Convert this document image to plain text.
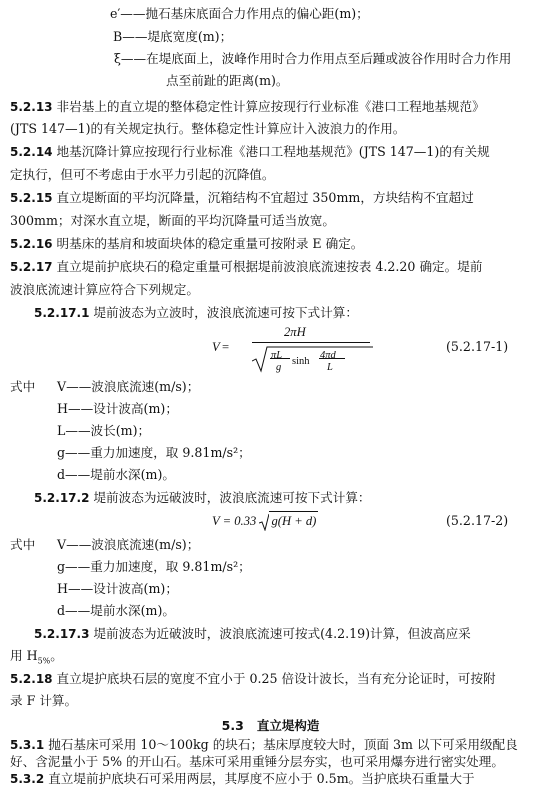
e′——抛石基床底面合力作用点的偏心距(m)；
B——堤底宽度(m)；
ξ——在堤底面上，波峰作用时合力作用点至后踵或波谷作用时合力作用
点至前趾的距离(m)。
5.2.13 非岩基上的直立堤的整体稳定性计算应按现行行业标准《港口工程地基规范》
(JTS 147—1)的有关规定执行。整体稳定性计算应计入波浪力的作用。
5.2.14 地基沉降计算应按现行行业标准《港口工程地基规范》(JTS 147—1)的有关规
定执行，但可不考虑由于水平力引起的沉降值。
5.2.15 直立堤断面的平均沉降量，沉箱结构不宜超过 350mm，方块结构不宜超过
300mm；对深水直立堤，断面的平均沉降量可适当放宽。
5.2.16 明基床的基肩和坡面块体的稳定重量可按附录 E 确定。
5.2.17 直立堤前护底块石的稳定重量可根据堤前波浪底流速按表 4.2.20 确定。堤前
波浪底流速计算应符合下列规定。
5.2.17.1 堤前波态为立波时，波浪底流速可按下式计算：
V =
2πH
πL
g
sinh
4πd
L
(5.2.17-1)
式中 V——波浪底流速(m/s)；
H——设计波高(m)；
L——波长(m)；
g——重力加速度，取 9.81m/s²；
d——堤前水深(m)。
5.2.17.2 堤前波态为远破波时，波浪底流速可按下式计算：
V = 0.33 g(H + d)	(5.2.17-2)
式中 V——波浪底流速(m/s)；
g——重力加速度，取 9.81m/s²；
H——设计波高(m)；
d——堤前水深(m)。
5.2.17.3 堤前波态为近破波时，波浪底流速可按式(4.2.19)计算，但波高应采
用 $H_{5\%}$。
5.2.18 直立堤护底块石层的宽度不宜小于 0.25 倍设计波长，当有充分论证时，可按附
录 F 计算。
5.3 直立堤构造
5.3.1 抛石基床可采用 10～100kg 的块石；基床厚度较大时，顶面 3m 以下可采用级配良
好、含泥量小于 5% 的开山石。基床可采用重锤分层夯实，也可采用爆夯进行密实处理。
5.3.2 直立堤前护底块石可采用两层，其厚度不应小于 0.5m。当护底块石重量大于
